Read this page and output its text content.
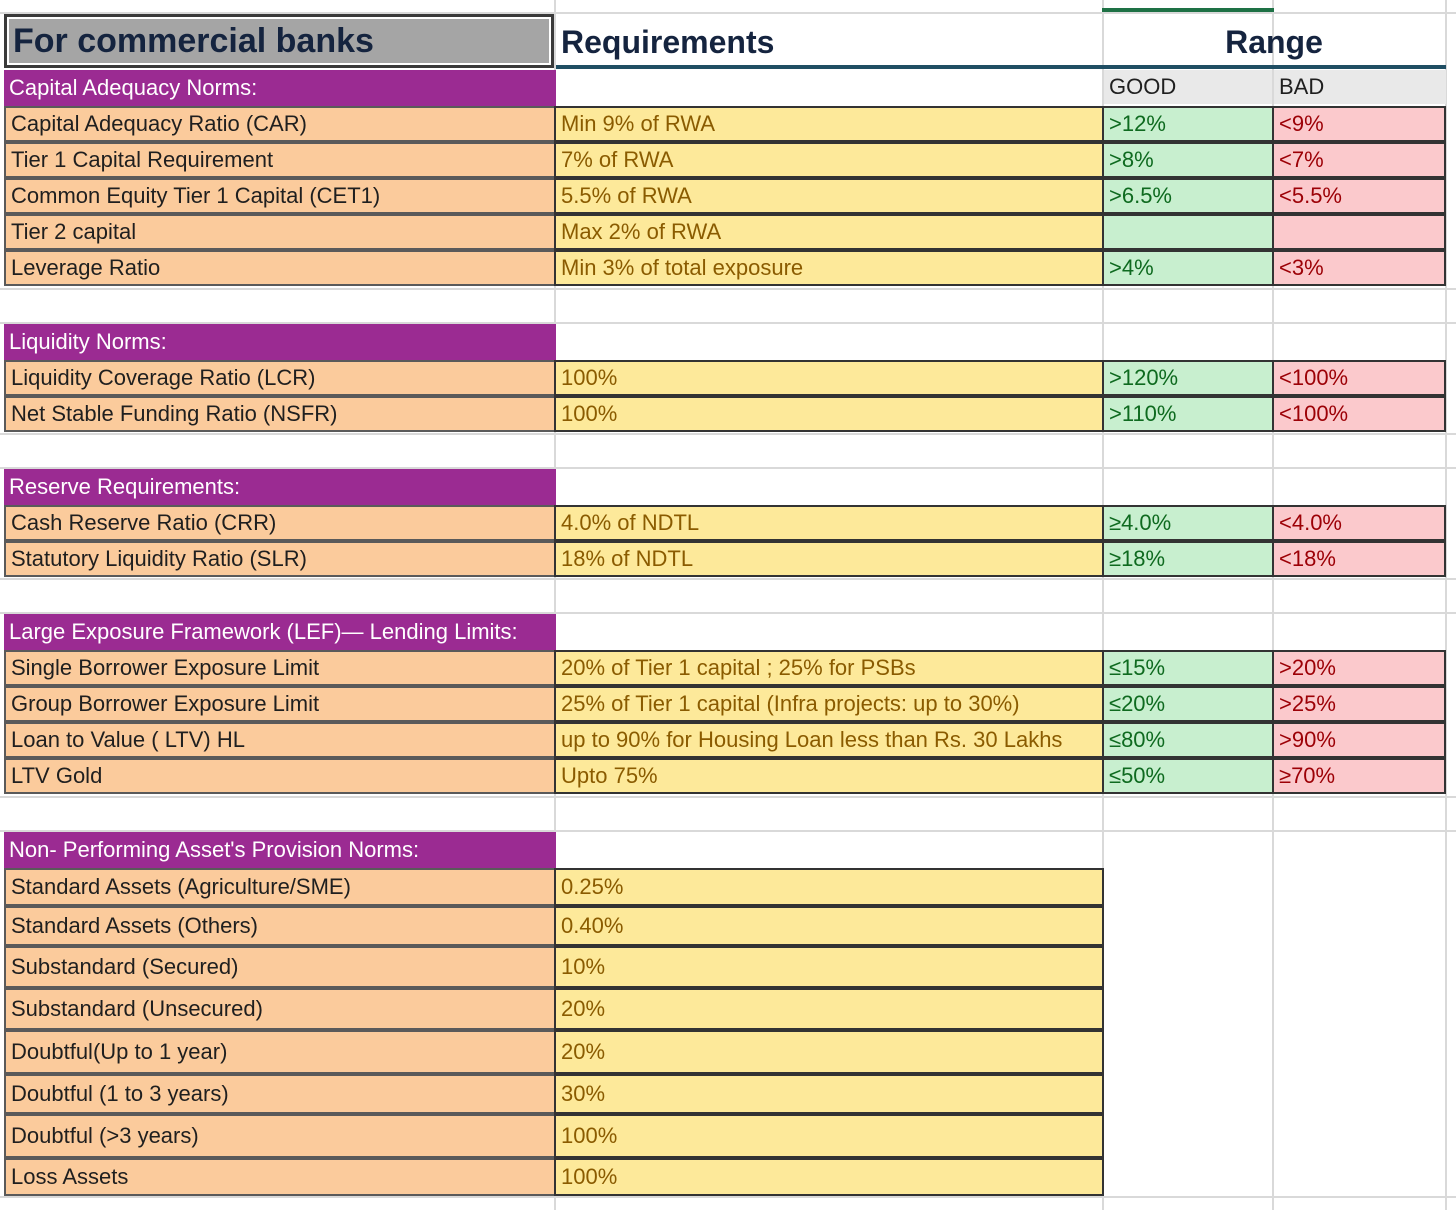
For commercial banks	Requirements	Range
GOOD	BAD
Capital Adequacy Norms:
Capital Adequacy Ratio (CAR)	Min 9% of RWA	>12%	<9%
Tier 1 Capital Requirement	7% of RWA	>8%	<7%
Common Equity Tier 1 Capital (CET1)	5.5% of RWA	>6.5%	<5.5%
Tier 2 capital	Max 2% of RWA
Leverage Ratio	Min 3% of total exposure	>4%	<3%
Liquidity Norms:
Liquidity Coverage Ratio (LCR)	100%	>120%	<100%
Net Stable Funding Ratio (NSFR)	100%	>110%	<100%
Reserve Requirements:
Cash Reserve Ratio (CRR)	4.0% of NDTL	≥4.0%	<4.0%
Statutory Liquidity Ratio (SLR)	18% of NDTL	≥18%	<18%
Large Exposure Framework (LEF)— Lending Limits:
Single Borrower Exposure Limit	20% of Tier 1 capital ; 25% for PSBs	≤15%	>20%
Group Borrower Exposure Limit	25% of Tier 1 capital (Infra projects: up to 30%)	≤20%	>25%
Loan to Value ( LTV) HL	up to 90% for Housing Loan less than Rs. 30 Lakhs	≤80%	>90%
LTV Gold	Upto 75%	≤50%	≥70%
Non- Performing Asset's Provision Norms:
Standard Assets (Agriculture/SME)	0.25%
Standard Assets (Others)	0.40%
Substandard (Secured)	10%
Substandard (Unsecured)	20%
Doubtful(Up to 1 year)	20%
Doubtful (1 to 3 years)	30%
Doubtful (>3 years)	100%
Loss Assets	100%
